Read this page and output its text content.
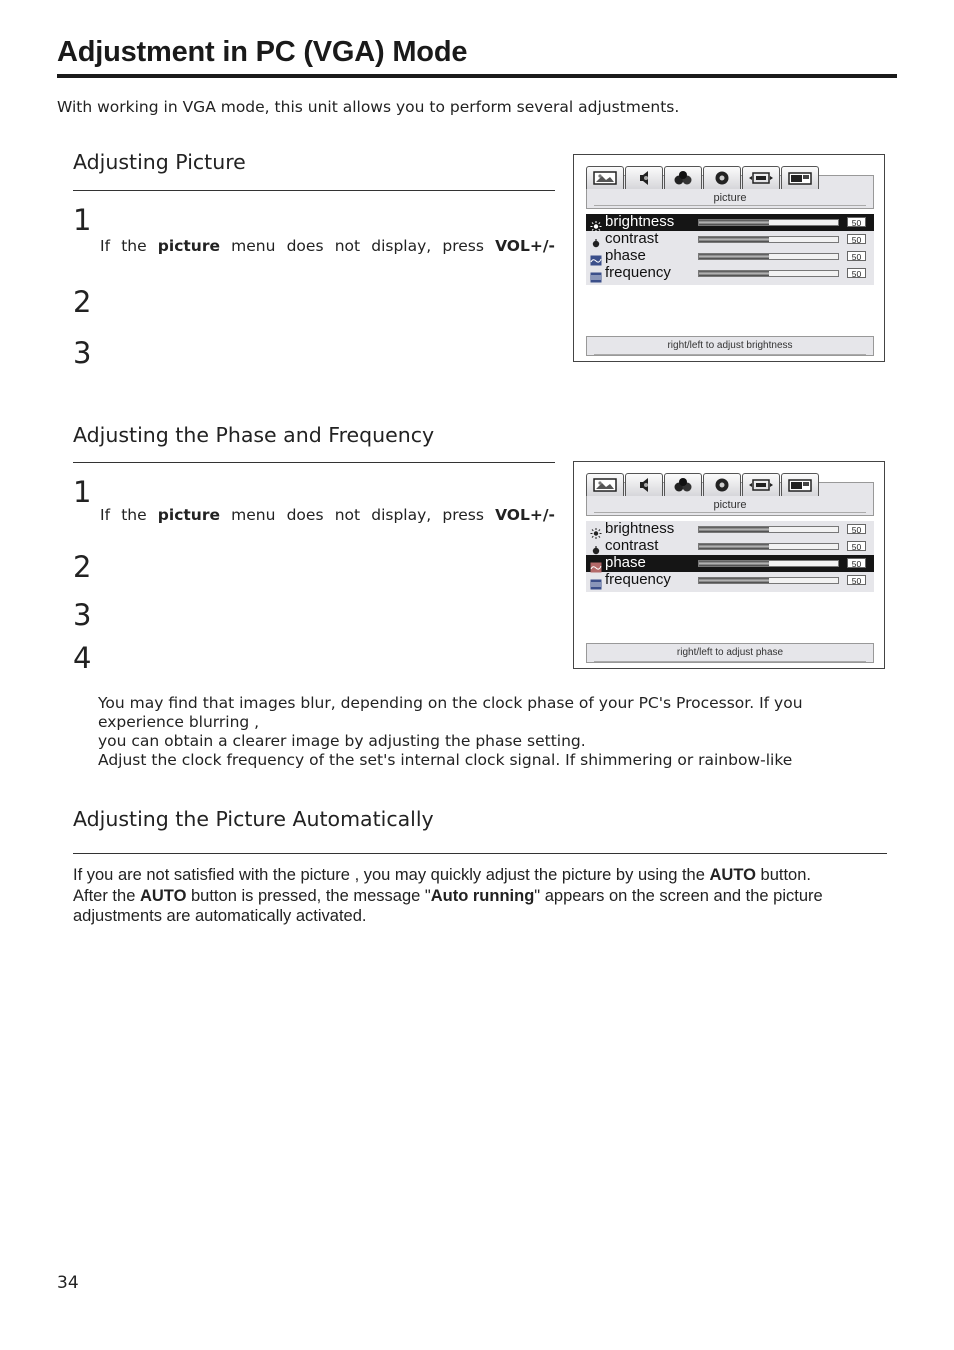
Adjustment in PC (VGA) Mode
With working in VGA mode, this unit allows you to perform several adjustments.
Adjusting Picture
1
If the picture menu does not display, press VOL+/-
2
3
picture
brightness	50
contrast	50
phase	50
frequency	50
right/left to adjust brightness
Adjusting the Phase and Frequency
1
If the picture menu does not display, press VOL+/-
2
3
4
picture
brightness	50
contrast	50
phase	50
frequency	50
right/left to adjust phase
You may find that images blur, depending on the clock phase of your PC's Processor. If you
experience blurring ,
you can obtain a clearer image by adjusting the phase setting.
Adjust the clock frequency of the set's internal clock signal. If shimmering or rainbow-like
Adjusting the Picture Automatically
If you are not satisfied with the picture , you may quickly adjust the picture by using the AUTO button.
After the AUTO button is pressed, the message "Auto running" appears on the screen and the picture adjustments are automatically activated.
34
